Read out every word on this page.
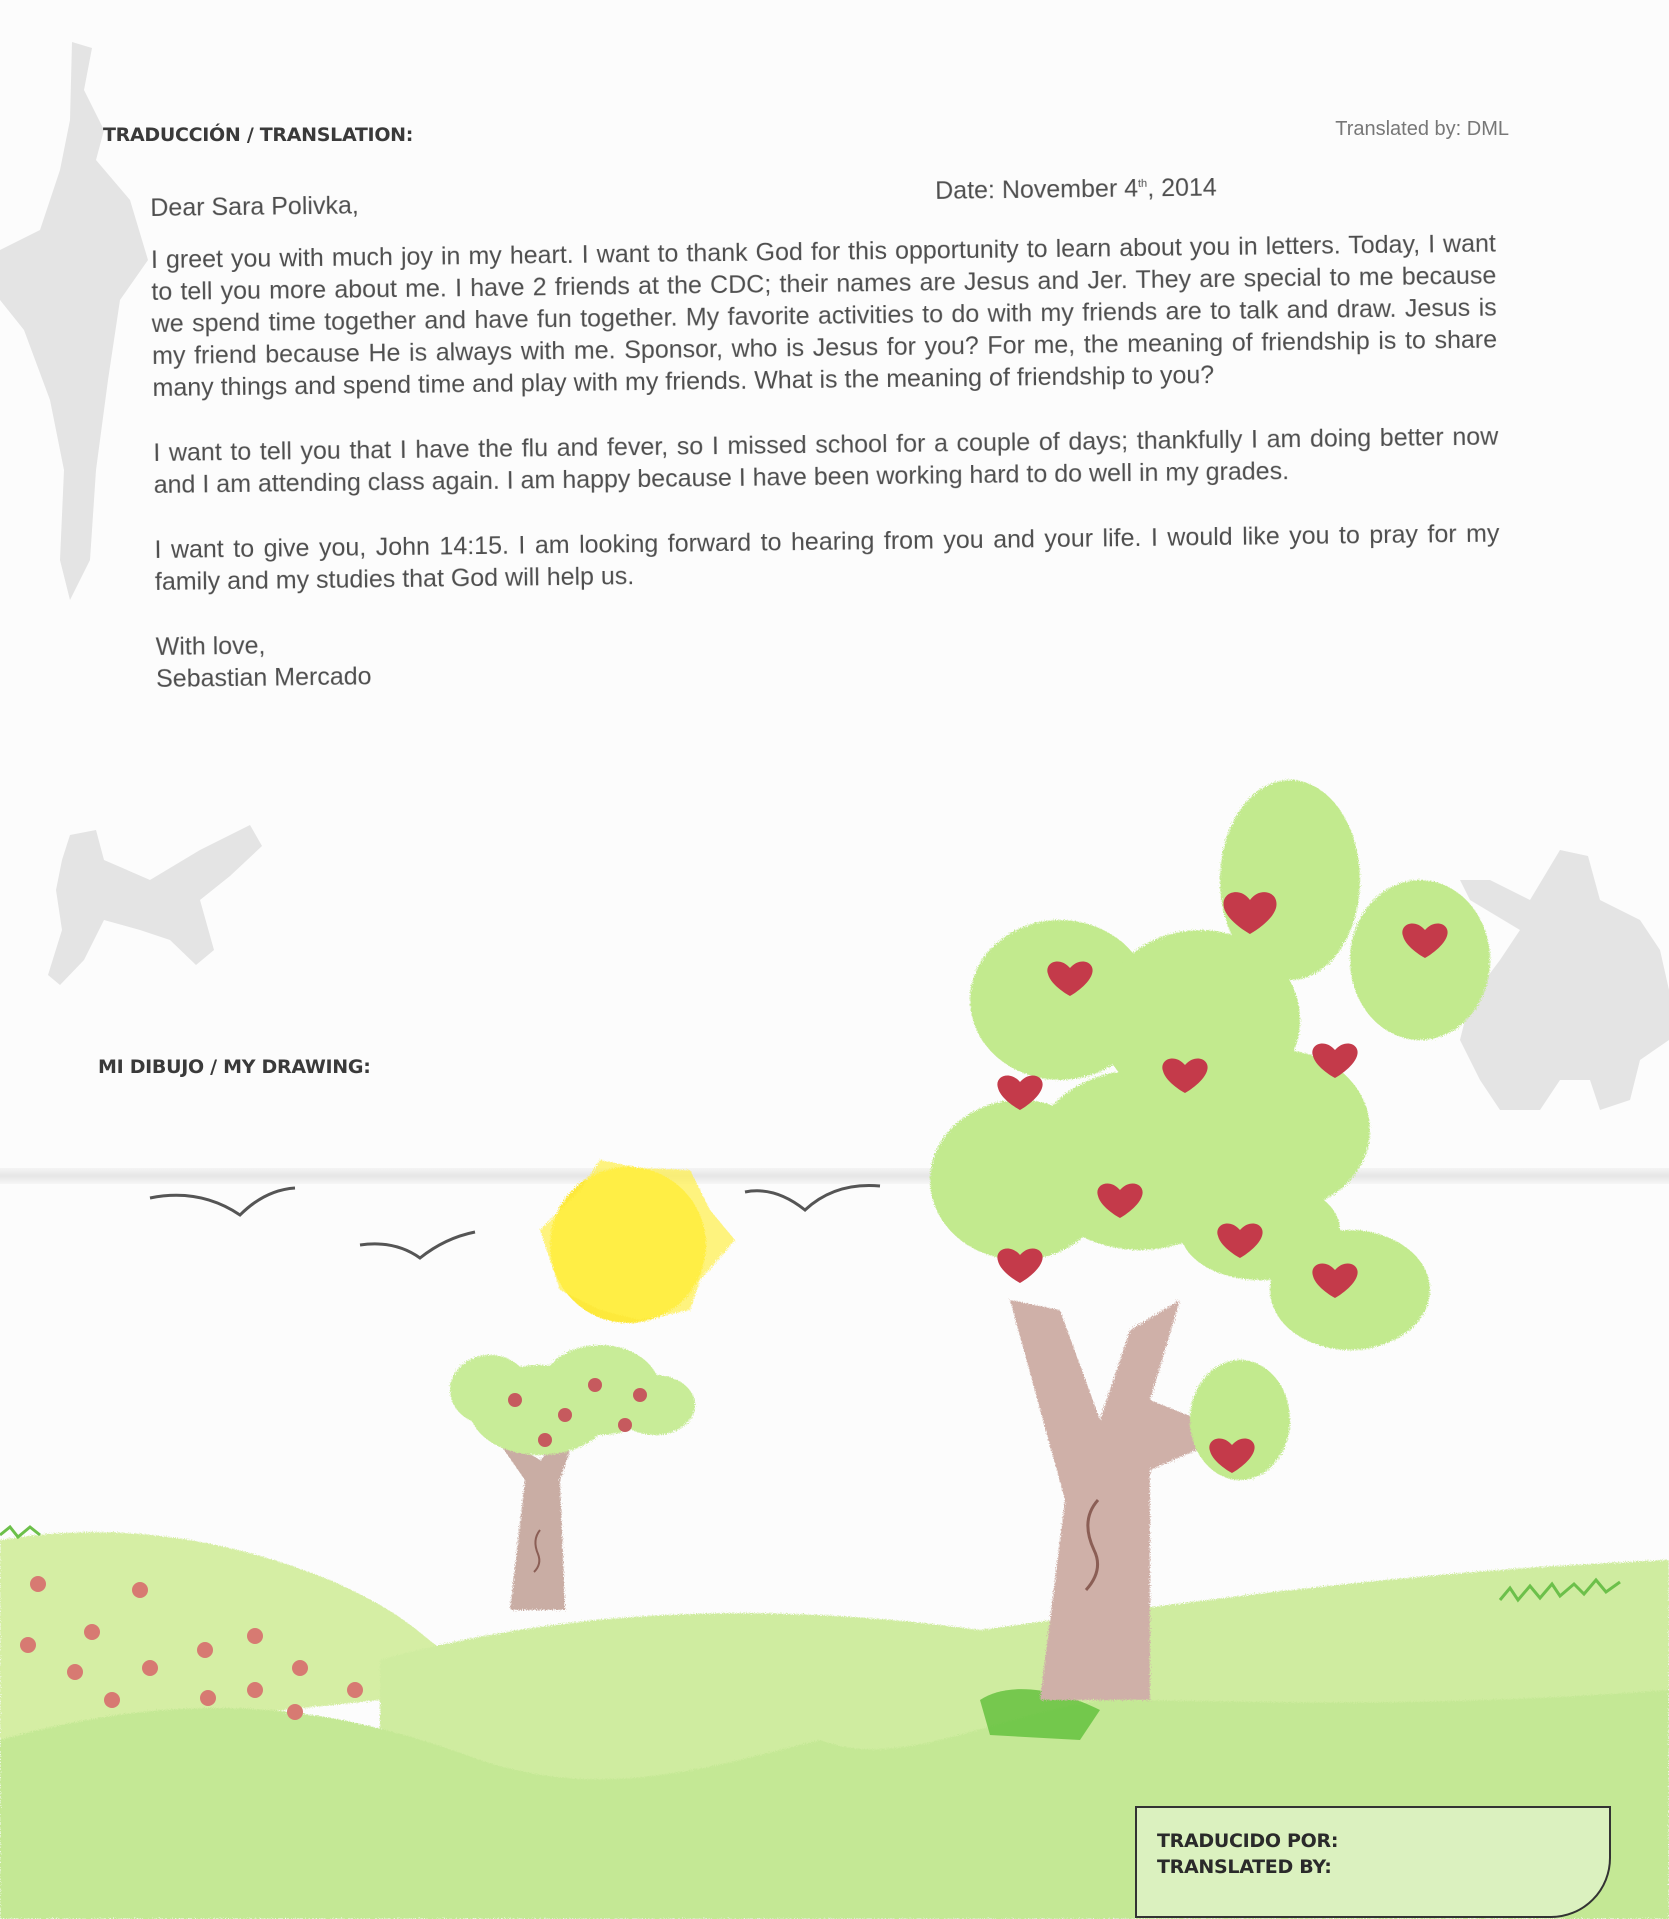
TRADUCCIÓN / TRANSLATION:	Translated by: DML
Dear Sara Polivka,
Date: November 4th, 2014

I greet you with much joy in my heart. I want to thank God for this opportunity to learn about you in letters. Today, I want to tell you more about me. I have 2 friends at the CDC; their names are Jesus and Jer. They are special to me because we spend time together and have fun together. My favorite activities to do with my friends are to talk and draw. Jesus is my friend because He is always with me. Sponsor, who is Jesus for you? For me, the meaning of friendship is to share many things and spend time and play with my friends. What is the meaning of friendship to you?

I want to tell you that I have the flu and fever, so I missed school for a couple of days; thankfully I am doing better now and I am attending class again. I am happy because I have been working hard to do well in my grades.

I want to give you, John 14:15. I am looking forward to hearing from you and your life. I would like you to pray for my family and my studies that God will help us.

With love,
Sebastian Mercado
MI DIBUJO / MY DRAWING:
TRADUCIDO POR:
TRANSLATED BY:
